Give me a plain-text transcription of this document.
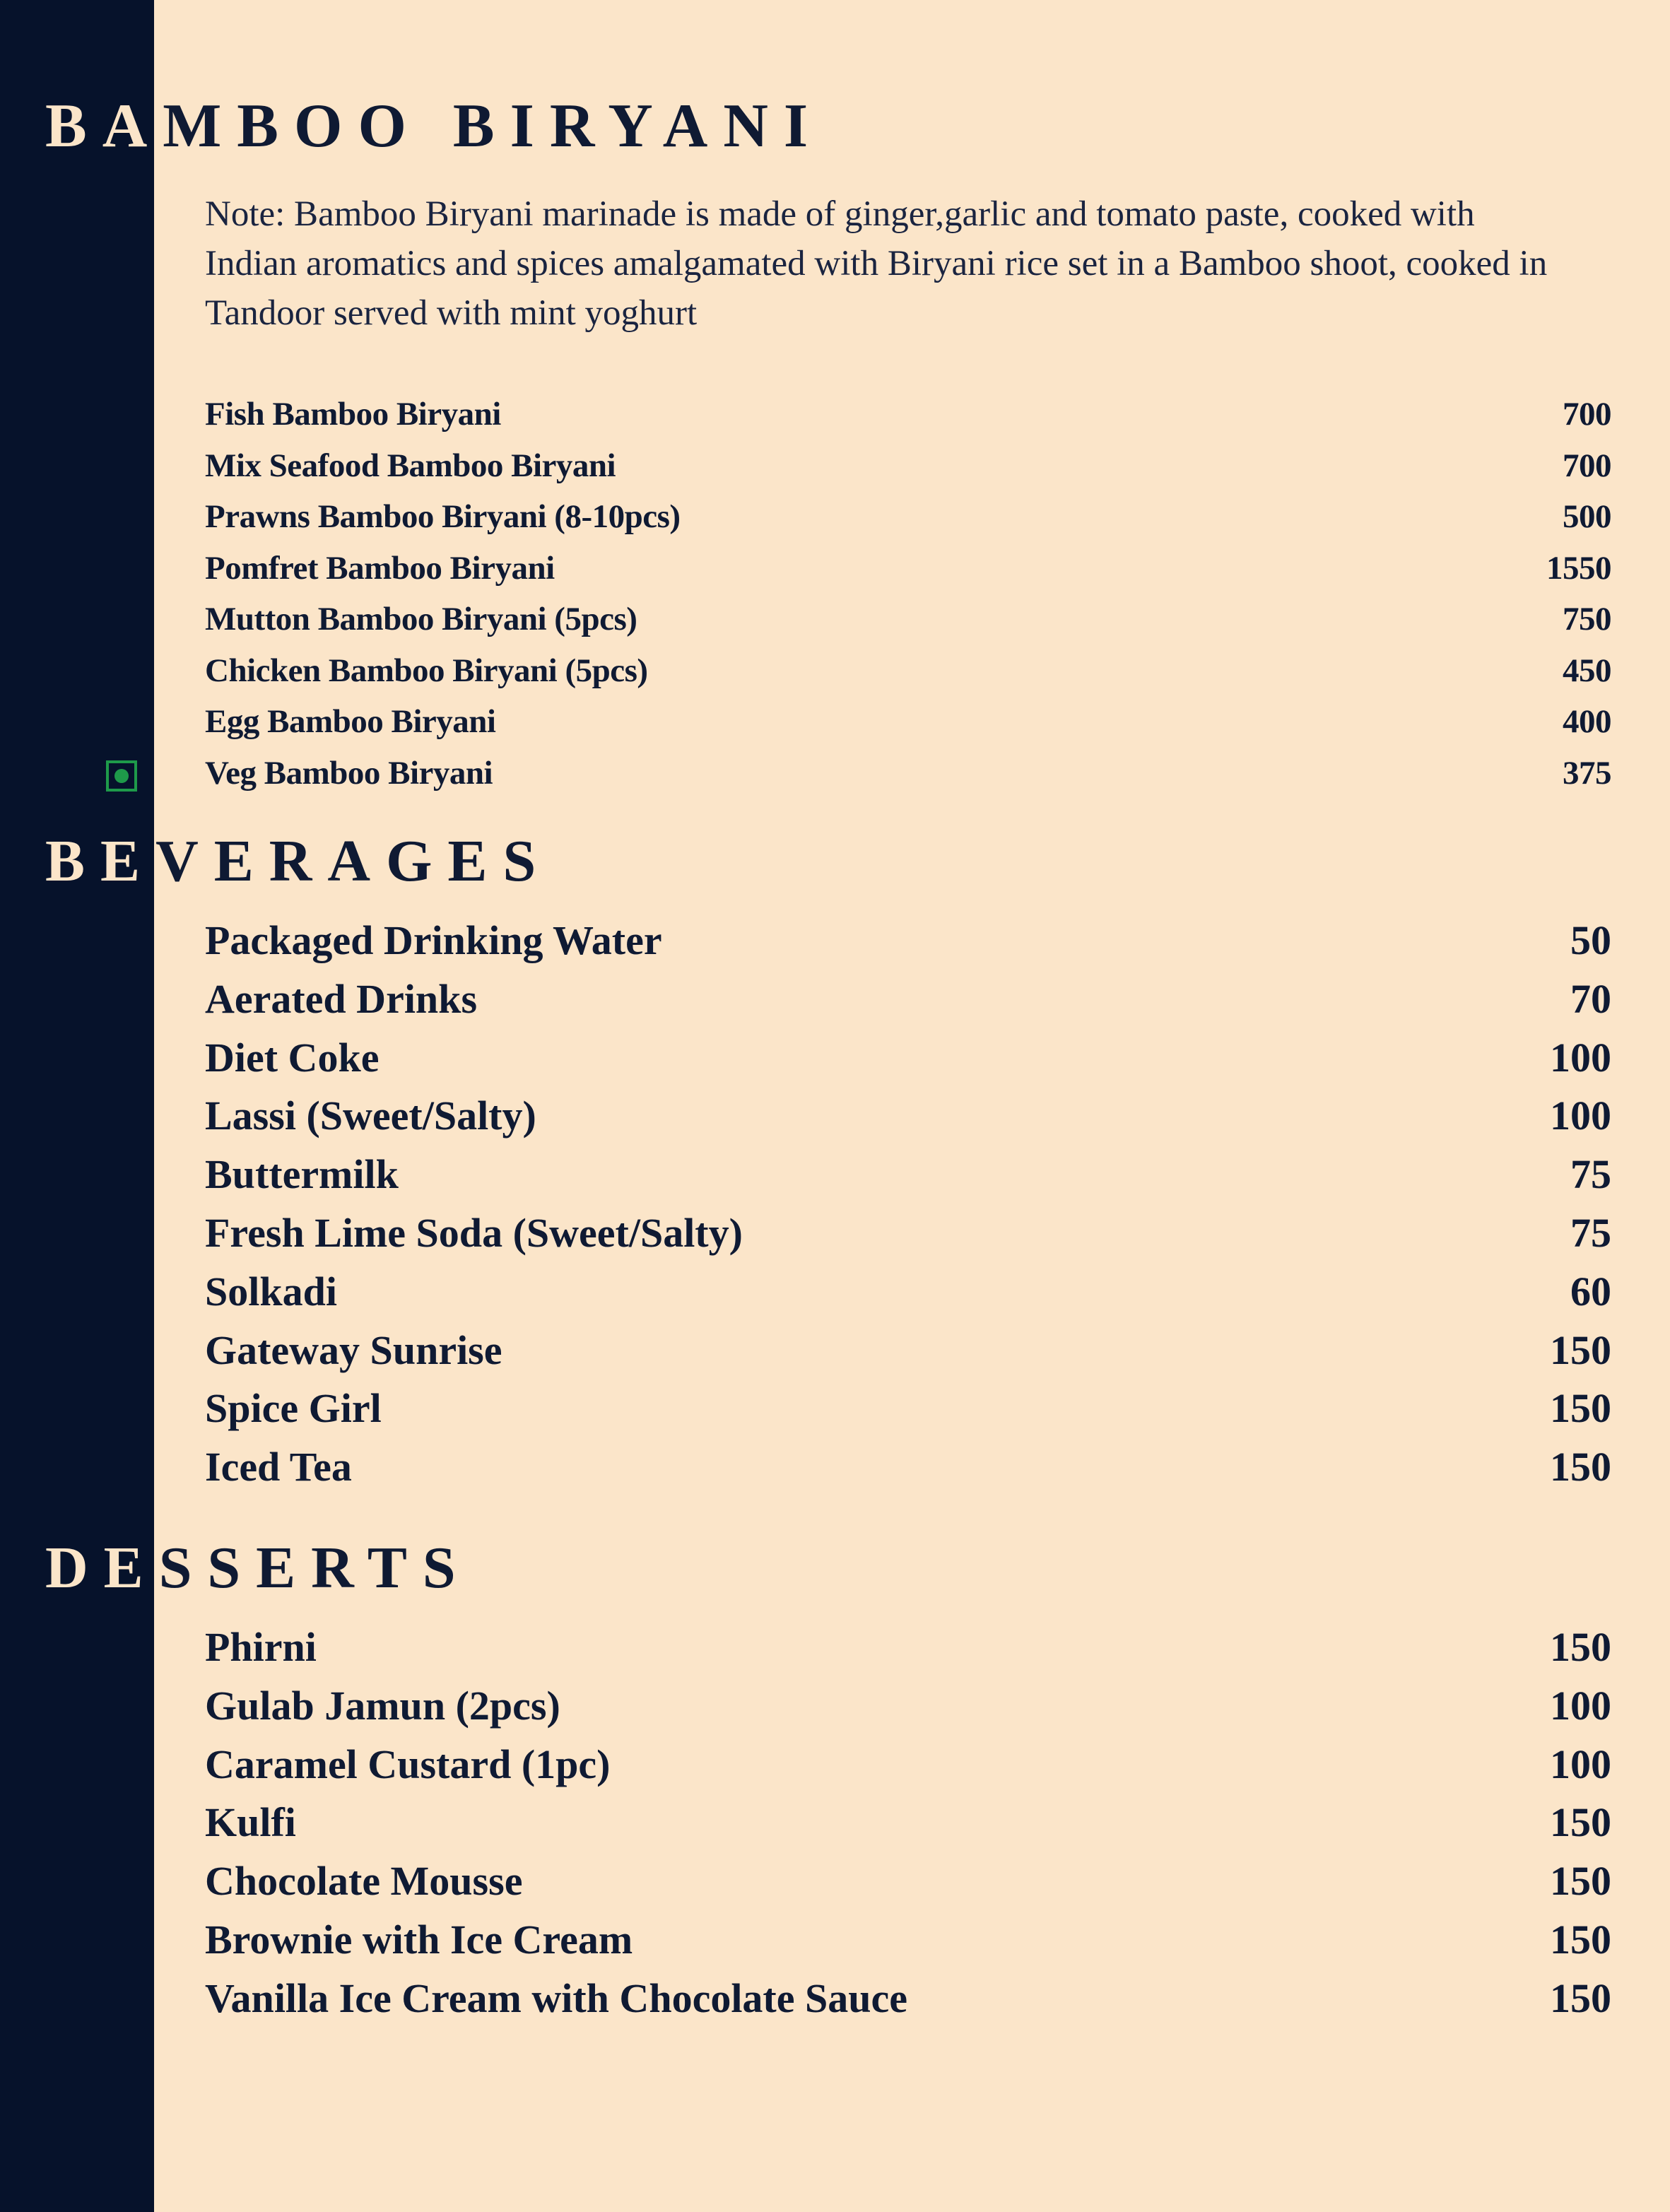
BAMBOO BIRYANI

Note: Bamboo Biryani marinade is made of ginger,garlic and tomato paste, cooked with Indian aromatics and spices amalgamated with Biryani rice set in a Bamboo shoot, cooked in Tandoor served with mint yoghurt

Fish Bamboo Biryani	700
Mix Seafood Bamboo Biryani	700
Prawns Bamboo Biryani (8-10pcs)	500
Pomfret Bamboo Biryani	1550
Mutton Bamboo Biryani (5pcs)	750
Chicken Bamboo Biryani (5pcs)	450
Egg Bamboo Biryani	400
Veg Bamboo Biryani	375
BEVERAGES
Packaged Drinking Water	50
Aerated Drinks	70
Diet Coke	100
Lassi (Sweet/Salty)	100
Buttermilk	75
Fresh Lime Soda (Sweet/Salty)	75
Solkadi	60
Gateway Sunrise	150
Spice Girl	150
Iced Tea	150
DESSERTS
Phirni	150
Gulab Jamun (2pcs)	100
Caramel Custard (1pc)	100
Kulfi	150
Chocolate Mousse	150
Brownie with Ice Cream	150
Vanilla Ice Cream with Chocolate Sauce	150
